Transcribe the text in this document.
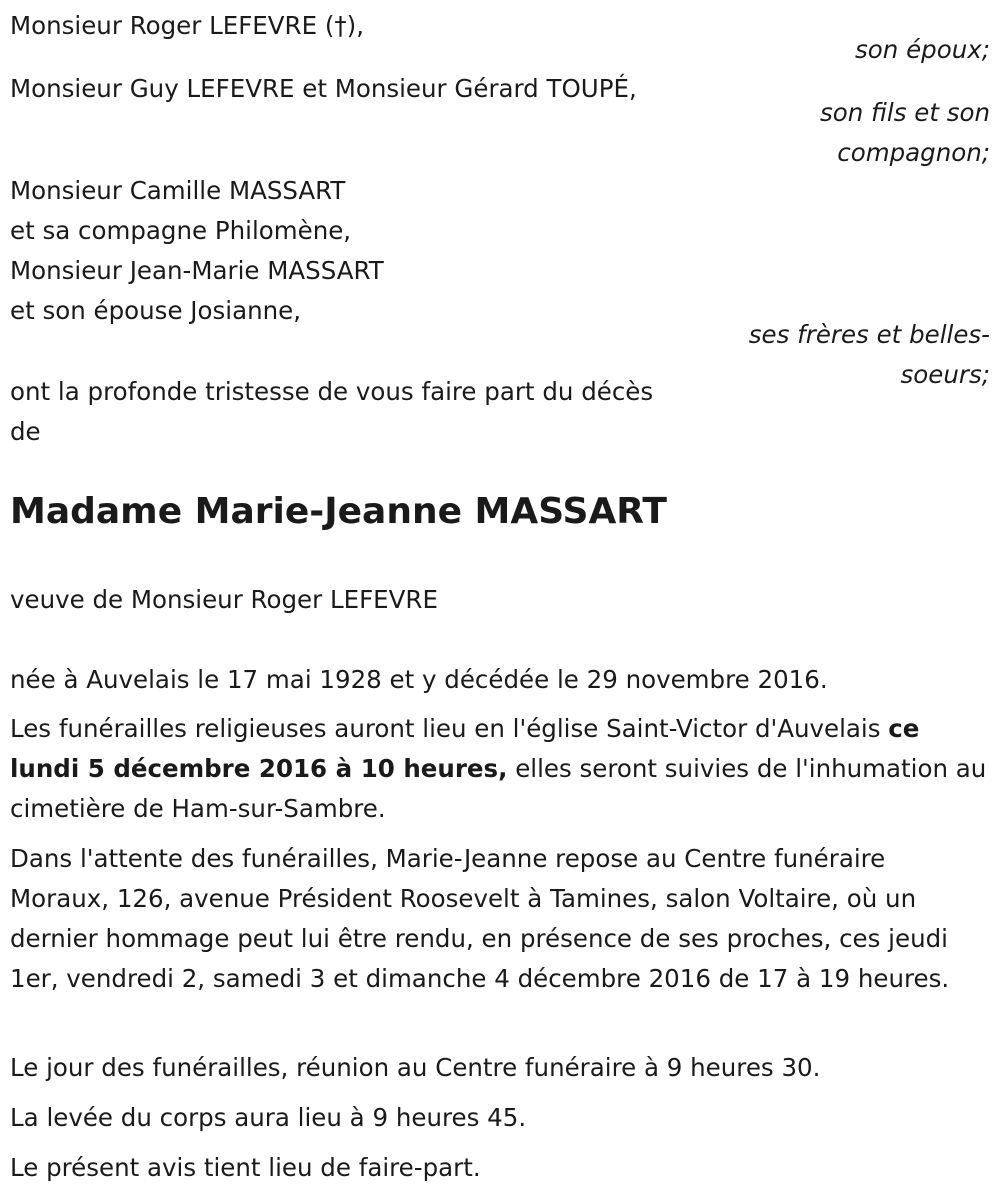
Monsieur Roger LEFEVRE (†),
son époux;
Monsieur Guy LEFEVRE et Monsieur Gérard TOUPÉ,
son fils et son
compagnon;
Monsieur Camille MASSART
et sa compagne Philomène,
Monsieur Jean-Marie MASSART
et son épouse Josianne,
ses frères et belles-
soeurs;
ont la profonde tristesse de vous faire part du décès
de
Madame Marie-Jeanne MASSART
veuve de Monsieur Roger LEFEVRE
née à Auvelais le 17 mai 1928 et y décédée le 29 novembre 2016.
Les funérailles religieuses auront lieu en l'église Saint-Victor d'Auvelais ce lundi 5 décembre 2016 à 10 heures, elles seront suivies de l'inhumation au cimetière de Ham-sur-Sambre.
Dans l'attente des funérailles, Marie-Jeanne repose au Centre funéraire Moraux, 126, avenue Président Roosevelt à Tamines, salon Voltaire, où un dernier hommage peut lui être rendu, en présence de ses proches, ces jeudi 1er, vendredi 2, samedi 3 et dimanche 4 décembre 2016 de 17 à 19 heures.
Le jour des funérailles, réunion au Centre funéraire à 9 heures 30.
La levée du corps aura lieu à 9 heures 45.
Le présent avis tient lieu de faire-part.
